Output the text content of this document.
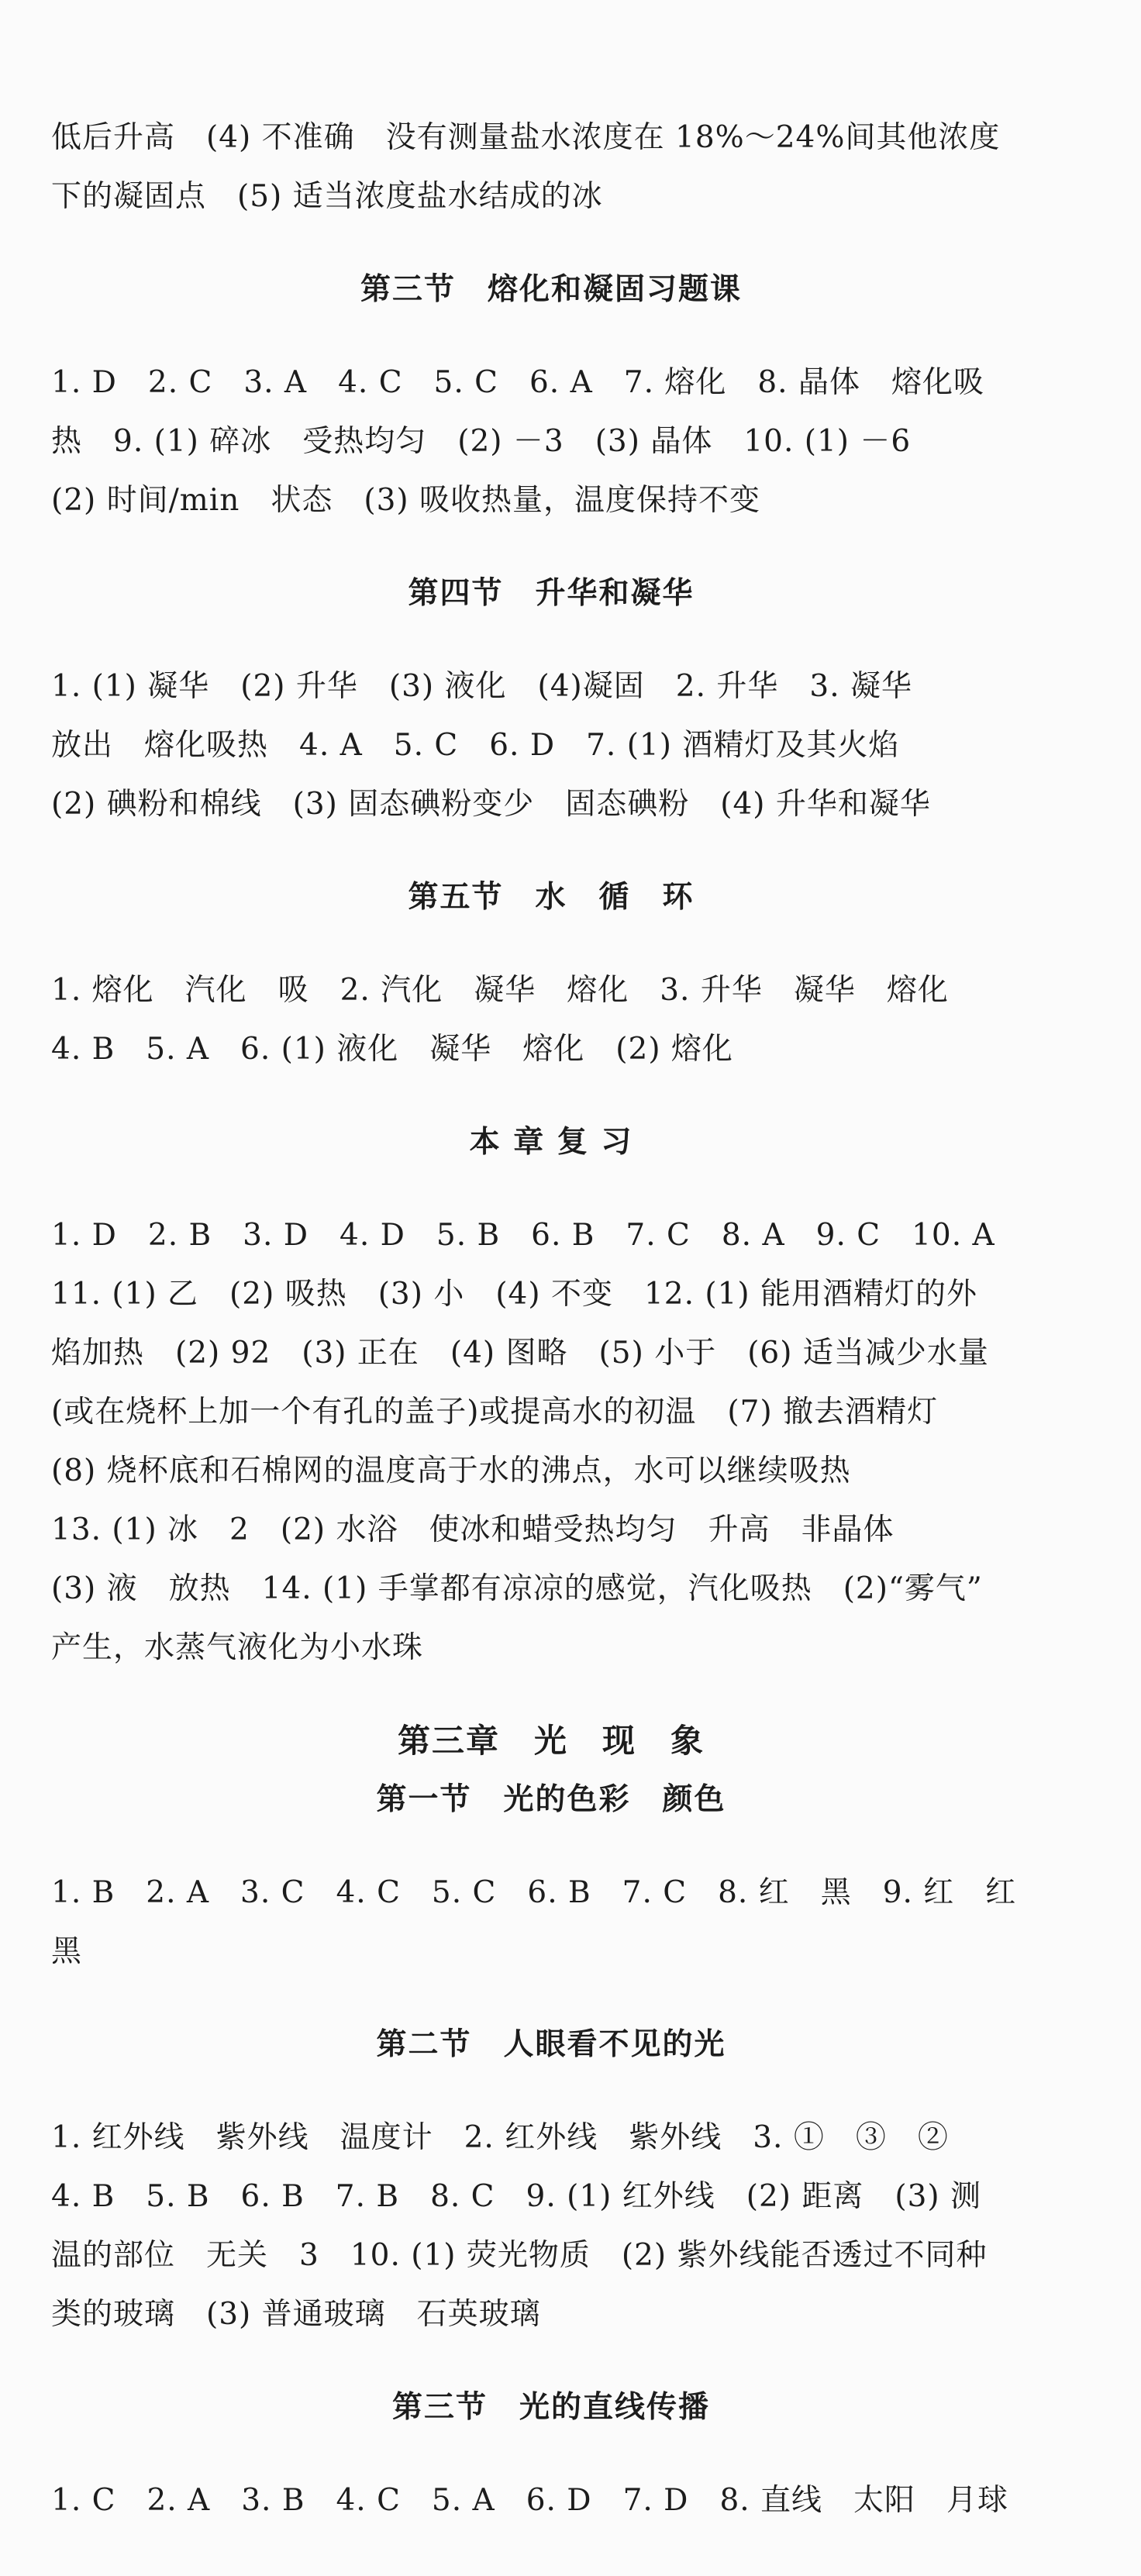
低后升高　(4) 不准确　没有测量盐水浓度在 18%～24%间其他浓度

下的凝固点　(5) 适当浓度盐水结成的冰

第三节　熔化和凝固习题课

1. D　2. C　3. A　4. C　5. C　6. A　7. 熔化　8. 晶体　熔化吸

热　9. (1) 碎冰　受热均匀　(2) －3　(3) 晶体　10. (1) －6

(2) 时间/min　状态　(3) 吸收热量，温度保持不变

第四节　升华和凝华

1. (1) 凝华　(2) 升华　(3) 液化　(4)凝固　2. 升华　3. 凝华

放出　熔化吸热　4. A　5. C　6. D　7. (1) 酒精灯及其火焰

(2) 碘粉和棉线　(3) 固态碘粉变少　固态碘粉　(4) 升华和凝华

第五节　水　循　环

1. 熔化　汽化　吸　2. 汽化　凝华　熔化　3. 升华　凝华　熔化

4. B　5. A　6. (1) 液化　凝华　熔化　(2) 熔化

本 章 复 习

1. D　2. B　3. D　4. D　5. B　6. B　7. C　8. A　9. C　10. A

11. (1) 乙　(2) 吸热　(3) 小　(4) 不变　12. (1) 能用酒精灯的外

焰加热　(2) 92　(3) 正在　(4) 图略　(5) 小于　(6) 适当减少水量

(或在烧杯上加一个有孔的盖子)或提高水的初温　(7) 撤去酒精灯

(8) 烧杯底和石棉网的温度高于水的沸点，水可以继续吸热

13. (1) 冰　2　(2) 水浴　使冰和蜡受热均匀　升高　非晶体

(3) 液　放热　14. (1) 手掌都有凉凉的感觉，汽化吸热　(2)“雾气”

产生，水蒸气液化为小水珠

第三章　光　现　象
第一节　光的色彩　颜色

1. B　2. A　3. C　4. C　5. C　6. B　7. C　8. 红　黑　9. 红　红

黑

第二节　人眼看不见的光

1. 红外线　紫外线　温度计　2. 红外线　紫外线　3. ①　③　②

4. B　5. B　6. B　7. B　8. C　9. (1) 红外线　(2) 距离　(3) 测

温的部位　无关　3　10. (1) 荧光物质　(2) 紫外线能否透过不同种

类的玻璃　(3) 普通玻璃　石英玻璃

第三节　光的直线传播

1. C　2. A　3. B　4. C　5. A　6. D　7. D　8. 直线　太阳　月球
